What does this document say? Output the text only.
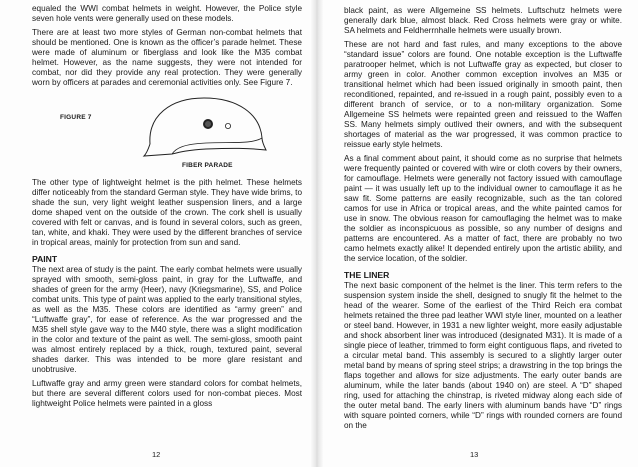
equaled the WWI combat helmets in weight. However, the Police style seven hole vents were generally used on these models.

There are at least two more styles of German non-combat helmets that should be mentioned. One is known as the officer’s parade helmet. These were made of aluminum or fiberglass and look like the M35 combat helmet. However, as the name suggests, they were not intended for combat, nor did they provide any real protection. They were generally worn by officers at parades and ceremonial activities only. See Figure 7.

FIGURE 7
FIBER PARADE

The other type of lightweight helmet is the pith helmet. These helmets differ noticeably from the standard German style. They have wide brims, to shade the sun, very light weight leather suspension liners, and a large dome shaped vent on the outside of the crown. The cork shell is usually covered with felt or canvas, and is found in several colors, such as green, tan, white, and khaki. They were used by the different branches of service in tropical areas, mainly for protection from sun and sand.

PAINT

The next area of study is the paint. The early combat helmets were usually sprayed with smooth, semi-gloss paint, in gray for the Luftwaffe, and shades of green for the army (Heer), navy (Kriegsmarine), SS, and Police combat units. This type of paint was applied to the early transitional styles, as well as the M35. These colors are identified as “army green” and “Luftwaffe gray”, for ease of reference. As the war progressed and the M35 shell style gave way to the M40 style, there was a slight modification in the color and texture of the paint as well. The semi-gloss, smooth paint was almost entirely replaced by a thick, rough, textured paint, several shades darker. This was intended to be more glare resistant and unobtrusive.

Luftwaffe gray and army green were standard colors for combat helmets, but there are several different colors used for non-combat pieces. Most lightweight Police helmets were painted in a gloss

12

black paint, as were Allgemeine SS helmets. Luftschutz helmets were generally dark blue, almost black. Red Cross helmets were gray or white. SA helmets and Feldherrnhalle helmets were usually brown.

These are not hard and fast rules, and many exceptions to the above “standard issue” colors are found. One notable exception is the Luftwaffe paratrooper helmet, which is not Luftwaffe gray as expected, but closer to army green in color. Another common exception involves an M35 or transitional helmet which had been issued originally in smooth paint, then reconditioned, repainted, and re-issued in a rough paint, possibly even to a different branch of service, or to a non-military organization. Some Allgemeine SS helmets were repainted green and reissued to the Waffen SS. Many helmets simply outlived their owners, and with the subsequent shortages of material as the war progressed, it was common practice to reissue early style helmets.

As a final comment about paint, it should come as no surprise that helmets were frequently painted or covered with wire or cloth covers by their owners, for camouflage. Helmets were generally not factory issued with camouflage paint — it was usually left up to the individual owner to camouflage it as he saw fit. Some patterns are easily recognizable, such as the tan colored camos for use in Africa or tropical areas, and the white painted camos for use in snow. The obvious reason for camouflaging the helmet was to make the soldier as inconspicuous as possible, so any number of designs and patterns are encountered. As a matter of fact, there are probably no two camo helmets exactly alike! It depended entirely upon the artistic ability, and the service location, of the soldier.

THE LINER

The next basic component of the helmet is the liner. This term refers to the suspension system inside the shell, designed to snugly fit the helmet to the head of the wearer. Some of the earliest of the Third Reich era combat helmets retained the three pad leather WWI style liner, mounted on a leather or steel band. However, in 1931 a new lighter weight, more easily adjustable and shock absorbent liner was introduced (designated M31). It is made of a single piece of leather, trimmed to form eight contiguous flaps, and riveted to a circular metal band. This assembly is secured to a slightly larger outer metal band by means of spring steel strips; a drawstring in the top brings the flaps together and allows for size adjustments. The early outer bands are aluminum, while the later bands (about 1940 on) are steel. A “D” shaped ring, used for attaching the chinstrap, is riveted midway along each side of the outer metal band. The early liners with aluminum bands have “D” rings with square pointed corners, while “D” rings with rounded corners are found on the

13
